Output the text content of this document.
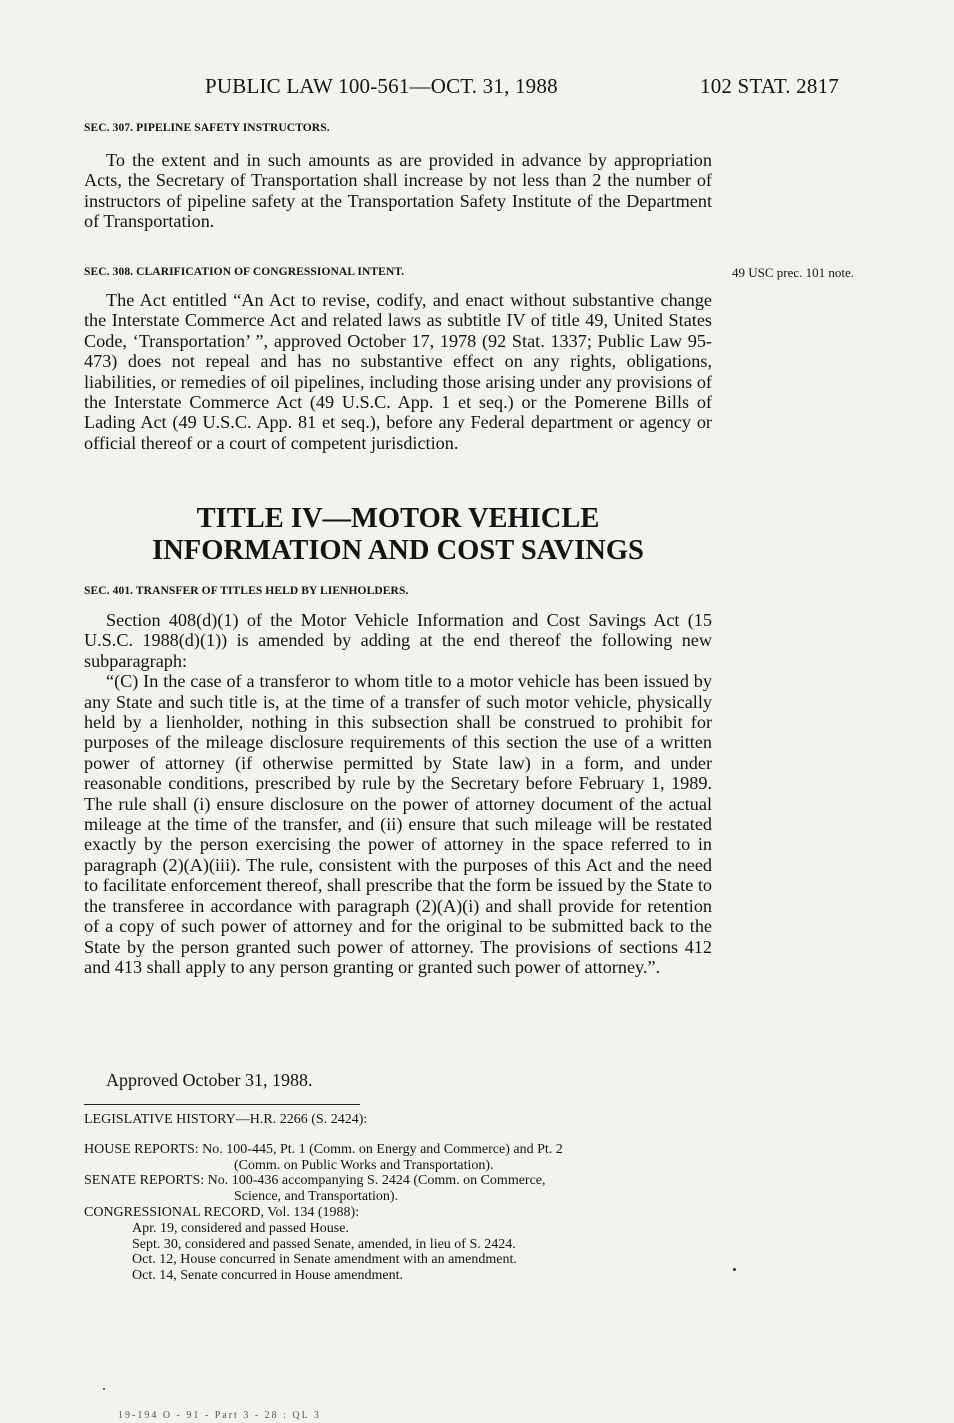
PUBLIC LAW 100-561—OCT. 31, 1988	102 STAT. 2817
SEC. 307. PIPELINE SAFETY INSTRUCTORS.

To the extent and in such amounts as are provided in advance by appropriation Acts, the Secretary of Transportation shall increase by not less than 2 the number of instructors of pipeline safety at the Transportation Safety Institute of the Department of Transportation.

SEC. 308. CLARIFICATION OF CONGRESSIONAL INTENT.	49 USC prec. 101 note.

The Act entitled “An Act to revise, codify, and enact without substantive change the Interstate Commerce Act and related laws as subtitle IV of title 49, United States Code, ‘Transportation’ ”, approved October 17, 1978 (92 Stat. 1337; Public Law 95-473) does not repeal and has no substantive effect on any rights, obligations, liabilities, or remedies of oil pipelines, including those arising under any provisions of the Interstate Commerce Act (49 U.S.C. App. 1 et seq.) or the Pomerene Bills of Lading Act (49 U.S.C. App. 81 et seq.), before any Federal department or agency or official thereof or a court of competent jurisdiction.

TITLE IV—MOTOR VEHICLE
INFORMATION AND COST SAVINGS
SEC. 401. TRANSFER OF TITLES HELD BY LIENHOLDERS.

Section 408(d)(1) of the Motor Vehicle Information and Cost Savings Act (15 U.S.C. 1988(d)(1)) is amended by adding at the end thereof the following new subparagraph:

“(C) In the case of a transferor to whom title to a motor vehicle has been issued by any State and such title is, at the time of a transfer of such motor vehicle, physically held by a lienholder, nothing in this subsection shall be construed to prohibit for purposes of the mileage disclosure requirements of this section the use of a written power of attorney (if otherwise permitted by State law) in a form, and under reasonable conditions, prescribed by rule by the Secretary before February 1, 1989. The rule shall (i) ensure disclosure on the power of attorney document of the actual mileage at the time of the transfer, and (ii) ensure that such mileage will be restated exactly by the person exercising the power of attorney in the space referred to in paragraph (2)(A)(iii). The rule, consistent with the purposes of this Act and the need to facilitate enforcement thereof, shall prescribe that the form be issued by the State to the transferee in accordance with paragraph (2)(A)(i) and shall provide for retention of a copy of such power of attorney and for the original to be submitted back to the State by the person granted such power of attorney. The provisions of sections 412 and 413 shall apply to any person granting or granted such power of attorney.”.

Approved October 31, 1988.
LEGISLATIVE HISTORY—H.R. 2266 (S. 2424):
HOUSE REPORTS: No. 100-445, Pt. 1 (Comm. on Energy and Commerce) and Pt. 2
(Comm. on Public Works and Transportation).
SENATE REPORTS: No. 100-436 accompanying S. 2424 (Comm. on Commerce,
Science, and Transportation).
CONGRESSIONAL RECORD, Vol. 134 (1988):
Apr. 19, considered and passed House.
Sept. 30, considered and passed Senate, amended, in lieu of S. 2424.
Oct. 12, House concurred in Senate amendment with an amendment.
Oct. 14, Senate concurred in House amendment.
19-194 O - 91 - Part 3 - 28 : QL 3
